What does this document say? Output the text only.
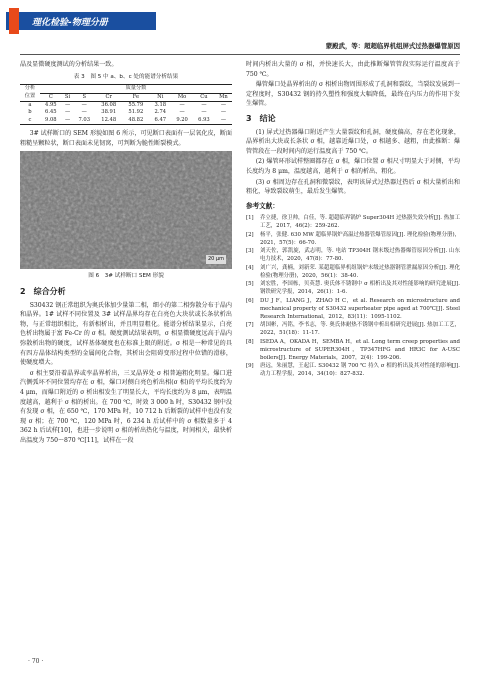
理化检验-物理分册
蒙殿武，等：超超临界机组屏式过热器爆管原因

晶及显微硬度测试的分析结果一致。

表 3　图 5 中 a、b、c 处的能谱分析结果
分析	质量分数								
位置	C	Si	S	Cr	Fe	Ni	Mo	Cu	Mn
a	4.95	—	—	36.08	55.79	3.18	—	—	—
b	6.45	—	—	38.91	51.92	2.74	—	—	—
c	9.08	—	7.03	12.48	48.82	6.47	9.20	6.93	—

3# 试样断口的 SEM 形貌如图 6 所示，可见断口表面有一层氧化皮，断面粗糙呈颗粒状，断口表面未见韧窝，可判断为脆性断裂模式。

20 μm
图 6　3# 试样断口 SEM 形貌
2　综合分析

S30432 钢正常组织为奥氏体加少量第二相，细小的第二相弥散分布于晶内和晶界。1# 试样不同位置及 3# 试样晶界均存在白亮色大块状或长条状析出物，与正常组织相比，有新相析出，并且明显粗化。能谱分析结果显示，白亮色析出物属于富 Fe-Cr 的 σ 相。硬度测试结果表明，σ 相显微硬度远高于晶内弥散析出物的硬度，试样基体硬度也在标准上限的附近。σ 相是一种常见的具有四方晶体结构类型的金属间化合物，其析出会阻碍变形过程中位错的滑移，使硬度增大。

σ 相主要沿着晶界或孪晶界析出，三叉晶界处 σ 相普遍粗化明显。爆口进汽侧弧坏不同位置均存在 σ 相，爆口对侧白亮色析出相(σ 相)的平均长度约为 4 μm，而爆口附近的 σ 析出相发生了明显长大，平均长度约为 8 μm，表明温度越高，越利于 σ 相的析出。在 700 ℃，时效 3 000 h 时，S30432 钢中没有发现 σ 相，在 650 ℃，170 MPa 时，10 712 h 后断裂的试样中也没有发现 σ 相；在 700 ℃，120 MPa 时，6 234 h 后试样中的 σ 相数量多于 4 362 h 后试样[10]，也进一步说明 σ 相的析出热化与温度，时间相关，最快析出温度为 750～870 ℃[11]，试样在一段

时间内析出大量的 σ 相，并快速长大，由此推断爆管管段实际运行温度高于 750 ℃。

爆管爆口处晶界析出的 σ 相析出物周围形成了孔洞和裂纹，当裂纹发展到一定程度时，S30432 钢的持久塑性和强度大幅降低，最终在内压力的作用下发生爆管。

3　结论

(1) 屏式过热器爆口附近产生大量裂纹和孔洞，硬度偏高，存在老化现象，晶界析出大块或长条状 σ 相，越靠近爆口处，σ 相越多、越粗，由此推断：爆管管段在一段时间内的运行温度高于 750 ℃。

(2) 爆管环形试样整圈都存在 σ 相，爆口位置 σ 相尺寸明显大于对侧，平均长度约为 8 μm，温度越高，越利于 σ 相的析出、粗化。

(3) σ 相周边存在孔洞和微裂纹，表明该屏式过热器过热后 σ 相大量析出和粗化，导致裂纹萌生，最后发生爆管。

参考文献：
[1]	乔立捷，徐卫帅，白佳，等. 超超临界锅炉 Super304H 过热器失效分析[J]. 热加工工艺，2017，46(2)：259-262.
[2]	杨平，张健. 630 MW 超临界锅炉高温过热器管爆管原因[J]. 理化检验(物理分册)，2021，57(5)：66-70.
[3]	刘天佐，郭凯旋，武志明，等. 电站 TP304H 钢末级过热器爆管原因分析[J]. 山东电力技术，2020，47(8)：77-80.
[4]	刘广兴，龚楠，刘新荣. 某超超临界机组锅炉末级过热器钢管泄漏原因分析[J]. 理化检验(物理分册)，2020，56(1)：38-40.
[5]	刘宏胜，李国栋，贝英慧. 奥氏体不锈钢中 σ 相析出及其对性能影响的研究进展[J]. 钢铁研究学报，2014，26(1)：1-6.
[6]	DU J F，LIANG J，ZHAO H C，et al. Research on microstructure and mechanical property of S30432 superheater pipe aged at 700℃[J]. Steel Research International，2012，83(11)：1095-1102.
[7]	胡国彬，冯铭，李书志，等. 奥氏体耐热不锈钢中析出相研究进展[J]. 热加工工艺，2022，51(18)：11-17.
[8]	ISEDA A，OKADA H，SEMBA H，et al. Long term creep properties and microstructure of SUPER304H，TP347HFG and HR3C for A-USC boilers[J]. Energy Materials，2007，2(4)：199-206.
[9]	唐远，朱丽慧，王起江. S30432 钢 700 ℃ 持久 σ 相的析出及其对性能的影响[J]. 动力工程学报，2014，34(10)：827-832.
· 70 ·
